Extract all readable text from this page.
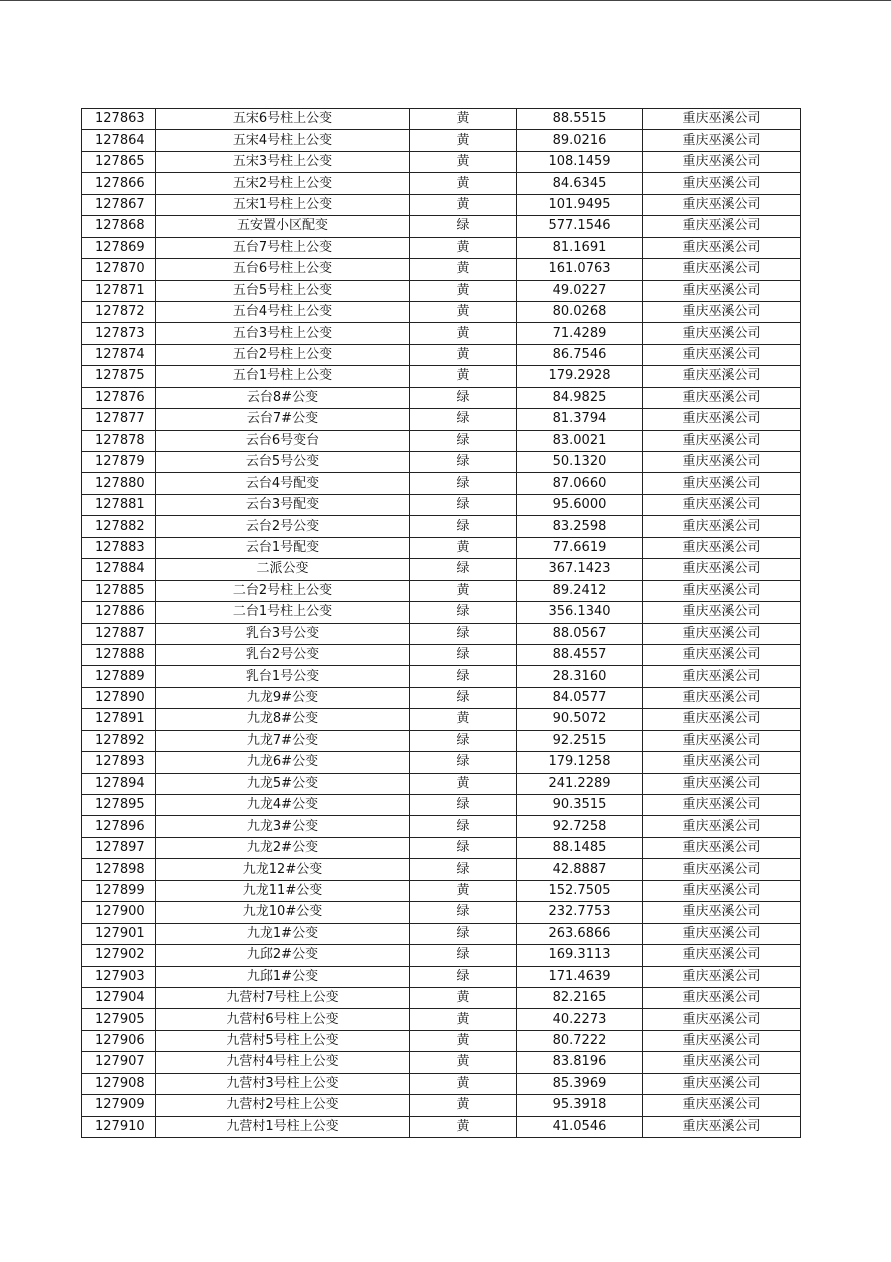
127863	五宋6号柱上公变	黄	88.5515	重庆巫溪公司
127864	五宋4号柱上公变	黄	89.0216	重庆巫溪公司
127865	五宋3号柱上公变	黄	108.1459	重庆巫溪公司
127866	五宋2号柱上公变	黄	84.6345	重庆巫溪公司
127867	五宋1号柱上公变	黄	101.9495	重庆巫溪公司
127868	五安置小区配变	绿	577.1546	重庆巫溪公司
127869	五台7号柱上公变	黄	81.1691	重庆巫溪公司
127870	五台6号柱上公变	黄	161.0763	重庆巫溪公司
127871	五台5号柱上公变	黄	49.0227	重庆巫溪公司
127872	五台4号柱上公变	黄	80.0268	重庆巫溪公司
127873	五台3号柱上公变	黄	71.4289	重庆巫溪公司
127874	五台2号柱上公变	黄	86.7546	重庆巫溪公司
127875	五台1号柱上公变	黄	179.2928	重庆巫溪公司
127876	云台8#公变	绿	84.9825	重庆巫溪公司
127877	云台7#公变	绿	81.3794	重庆巫溪公司
127878	云台6号变台	绿	83.0021	重庆巫溪公司
127879	云台5号公变	绿	50.1320	重庆巫溪公司
127880	云台4号配变	绿	87.0660	重庆巫溪公司
127881	云台3号配变	绿	95.6000	重庆巫溪公司
127882	云台2号公变	绿	83.2598	重庆巫溪公司
127883	云台1号配变	黄	77.6619	重庆巫溪公司
127884	二派公变	绿	367.1423	重庆巫溪公司
127885	二台2号柱上公变	黄	89.2412	重庆巫溪公司
127886	二台1号柱上公变	绿	356.1340	重庆巫溪公司
127887	乳台3号公变	绿	88.0567	重庆巫溪公司
127888	乳台2号公变	绿	88.4557	重庆巫溪公司
127889	乳台1号公变	绿	28.3160	重庆巫溪公司
127890	九龙9#公变	绿	84.0577	重庆巫溪公司
127891	九龙8#公变	黄	90.5072	重庆巫溪公司
127892	九龙7#公变	绿	92.2515	重庆巫溪公司
127893	九龙6#公变	绿	179.1258	重庆巫溪公司
127894	九龙5#公变	黄	241.2289	重庆巫溪公司
127895	九龙4#公变	绿	90.3515	重庆巫溪公司
127896	九龙3#公变	绿	92.7258	重庆巫溪公司
127897	九龙2#公变	绿	88.1485	重庆巫溪公司
127898	九龙12#公变	绿	42.8887	重庆巫溪公司
127899	九龙11#公变	黄	152.7505	重庆巫溪公司
127900	九龙10#公变	绿	232.7753	重庆巫溪公司
127901	九龙1#公变	绿	263.6866	重庆巫溪公司
127902	九邱2#公变	绿	169.3113	重庆巫溪公司
127903	九邱1#公变	绿	171.4639	重庆巫溪公司
127904	九营村7号柱上公变	黄	82.2165	重庆巫溪公司
127905	九营村6号柱上公变	黄	40.2273	重庆巫溪公司
127906	九营村5号柱上公变	黄	80.7222	重庆巫溪公司
127907	九营村4号柱上公变	黄	83.8196	重庆巫溪公司
127908	九营村3号柱上公变	黄	85.3969	重庆巫溪公司
127909	九营村2号柱上公变	黄	95.3918	重庆巫溪公司
127910	九营村1号柱上公变	黄	41.0546	重庆巫溪公司
